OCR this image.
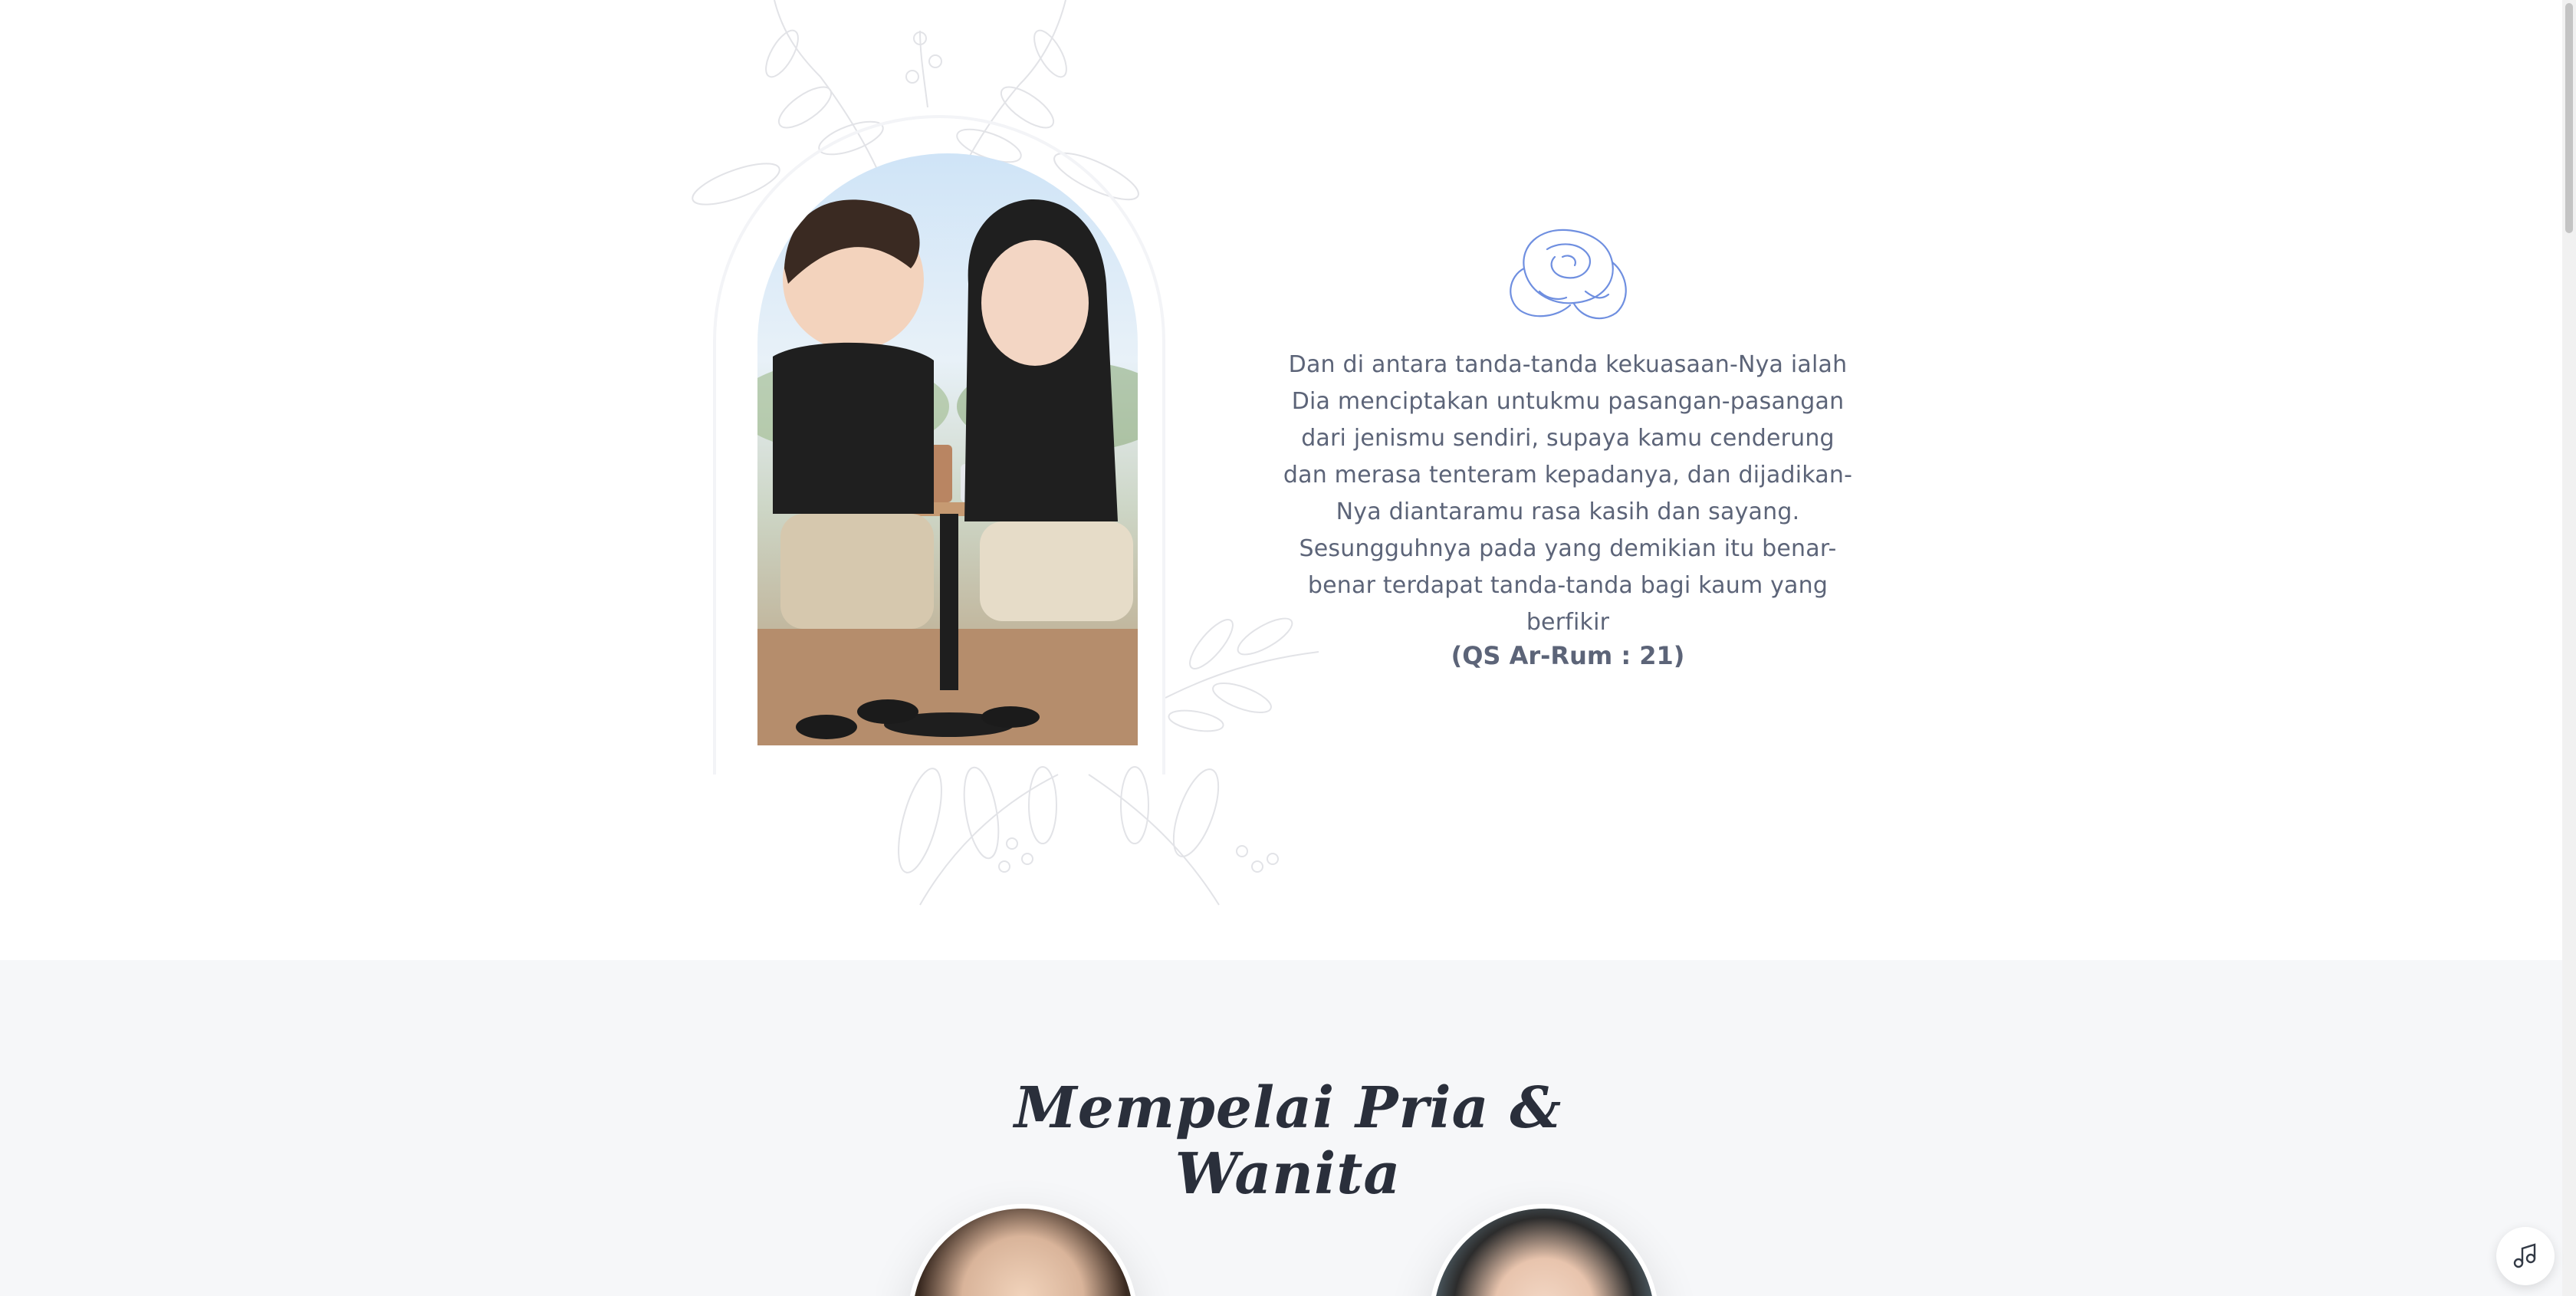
Dan di antara tanda-tanda kekuasaan-Nya ialah Dia menciptakan untukmu pasangan-pasangan dari jenismu sendiri, supaya kamu cenderung dan merasa tenteram kepadanya, dan dijadikan-Nya diantaramu rasa kasih dan sayang. Sesungguhnya pada yang demikian itu benar-benar terdapat tanda-tanda bagi kaum yang berfikir

(QS Ar-Rum : 21)

Mempelai Pria & Wanita
